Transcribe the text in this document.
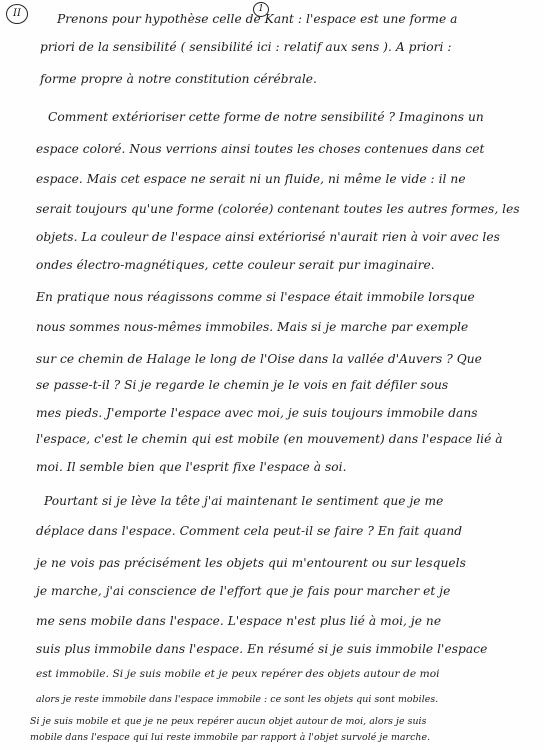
II	1
Prenons pour hypothèse celle de Kant : l'espace est une forme a
priori de la sensibilité ( sensibilité ici : relatif aux sens ). A priori :
forme propre à notre constitution cérébrale.
Comment extérioriser cette forme de notre sensibilité ? Imaginons un
espace coloré. Nous verrions ainsi toutes les choses contenues dans cet
espace. Mais cet espace ne serait ni un fluide, ni même le vide : il ne
serait toujours qu'une forme (colorée) contenant toutes les autres formes, les
objets. La couleur de l'espace ainsi extériorisé n'aurait rien à voir avec les
ondes électro-magnétiques, cette couleur serait pur imaginaire.
En pratique nous réagissons comme si l'espace était immobile lorsque
nous sommes nous-mêmes immobiles. Mais si je marche par exemple
sur ce chemin de Halage le long de l'Oise dans la vallée d'Auvers ? Que
se passe-t-il ? Si je regarde le chemin je le vois en fait défiler sous
mes pieds. J'emporte l'espace avec moi, je suis toujours immobile dans
l'espace, c'est le chemin qui est mobile (en mouvement) dans l'espace lié à
moi. Il semble bien que l'esprit fixe l'espace à soi.
Pourtant si je lève la tête j'ai maintenant le sentiment que je me
déplace dans l'espace. Comment cela peut-il se faire ? En fait quand
je ne vois pas précisément les objets qui m'entourent ou sur lesquels
je marche, j'ai conscience de l'effort que je fais pour marcher et je
me sens mobile dans l'espace. L'espace n'est plus lié à moi, je ne
suis plus immobile dans l'espace. En résumé si je suis immobile l'espace
est immobile. Si je suis mobile et je peux repérer des objets autour de moi
alors je reste immobile dans l'espace immobile : ce sont les objets qui sont mobiles.
Si je suis mobile et que je ne peux repérer aucun objet autour de moi, alors je suis
mobile dans l'espace qui lui reste immobile par rapport à l'objet survolé je marche.
